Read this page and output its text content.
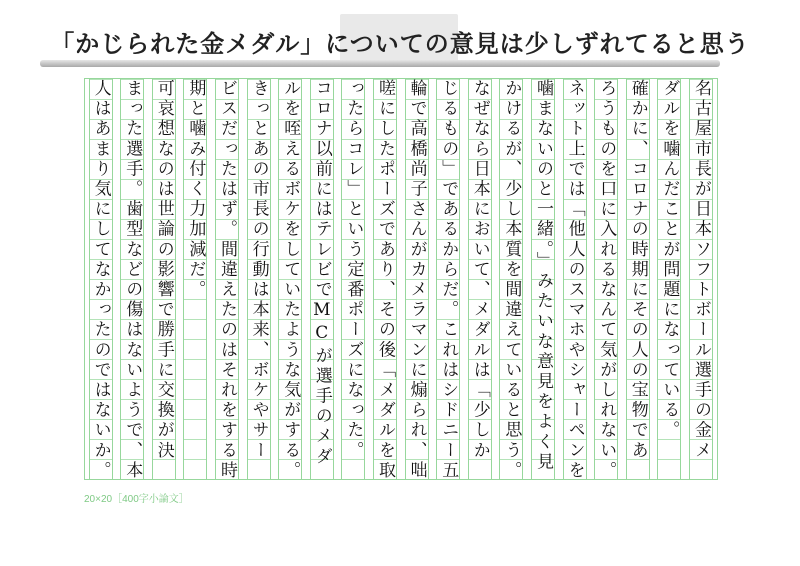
「かじられた金メダル」についての意見は少しずれてると思う
名古屋市長が日本ソフトボール選手の金メ
ダルを噛んだことが問題になっている。
確かに、コロナの時期にその人の宝物であ
ろうものを口に入れるなんて気がしれない。
ネット上では「他人のスマホやシャーペンを
噛まないのと一緒。」みたいな意見をよく見
かけるが、少し本質を間違えていると思う。
なぜなら日本において、メダルは「少しか
じるもの」であるからだ。これはシドニー五
輪で高橋尚子さんがカメラマンに煽られ、咄
嗟にしたポーズであり、その後「メダルを取
ったらコレ」という定番ポーズになった。
コロナ以前にはテレビでMCが選手のメダ
ルを咥えるボケをしていたような気がする。
きっとあの市長の行動は本来、ボケやサー
ビスだったはず。間違えたのはそれをする時
期と噛み付く力加減だ。
可哀想なのは世論の影響で勝手に交換が決
まった選手。歯型などの傷はないようで、本
人はあまり気にしてなかったのではないか。
20×20［400字小論文］
